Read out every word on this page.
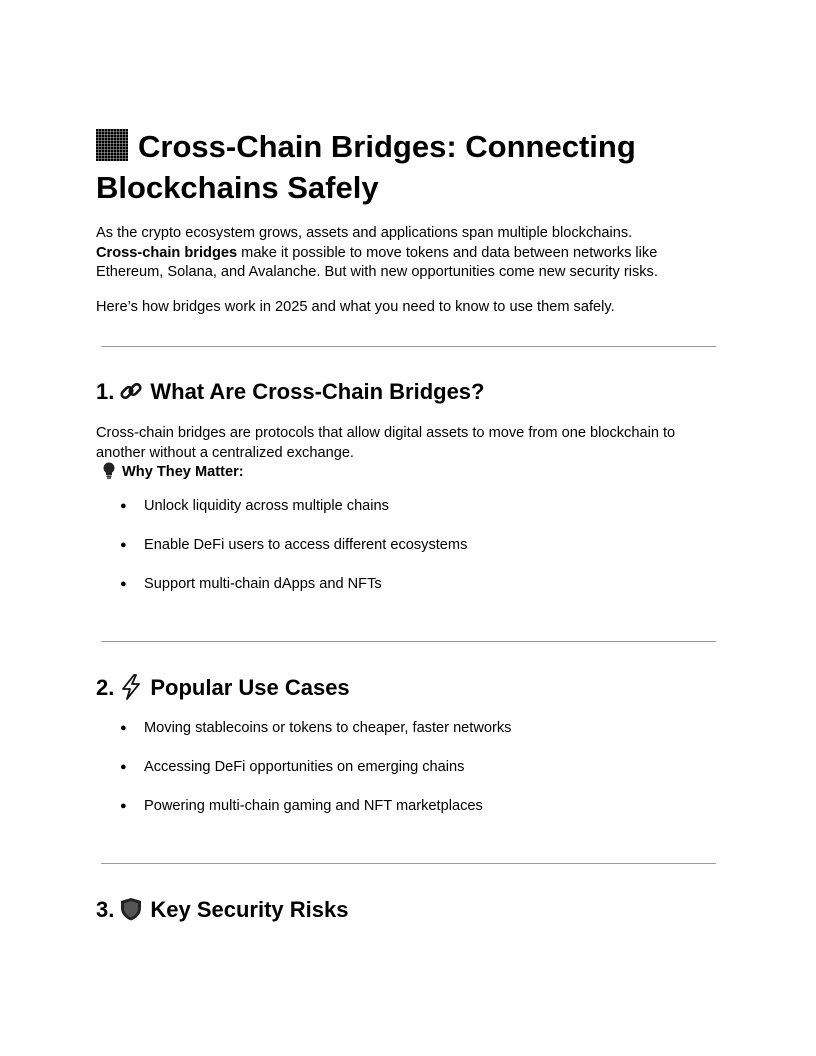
Cross-Chain Bridges: Connecting
Blockchains Safely
As the crypto ecosystem grows, assets and applications span multiple blockchains.
Cross-chain bridges make it possible to move tokens and data between networks like Ethereum, Solana, and Avalanche. But with new opportunities come new security risks.
Here’s how bridges work in 2025 and what you need to know to use them safely.
1. What Are Cross-Chain Bridges?
Cross-chain bridges are protocols that allow digital assets to move from one blockchain to another without a centralized exchange.
Why They Matter:
● Unlock liquidity across multiple chains
● Enable DeFi users to access different ecosystems
● Support multi-chain dApps and NFTs
2. Popular Use Cases
● Moving stablecoins or tokens to cheaper, faster networks
● Accessing DeFi opportunities on emerging chains
● Powering multi-chain gaming and NFT marketplaces
3. Key Security Risks
